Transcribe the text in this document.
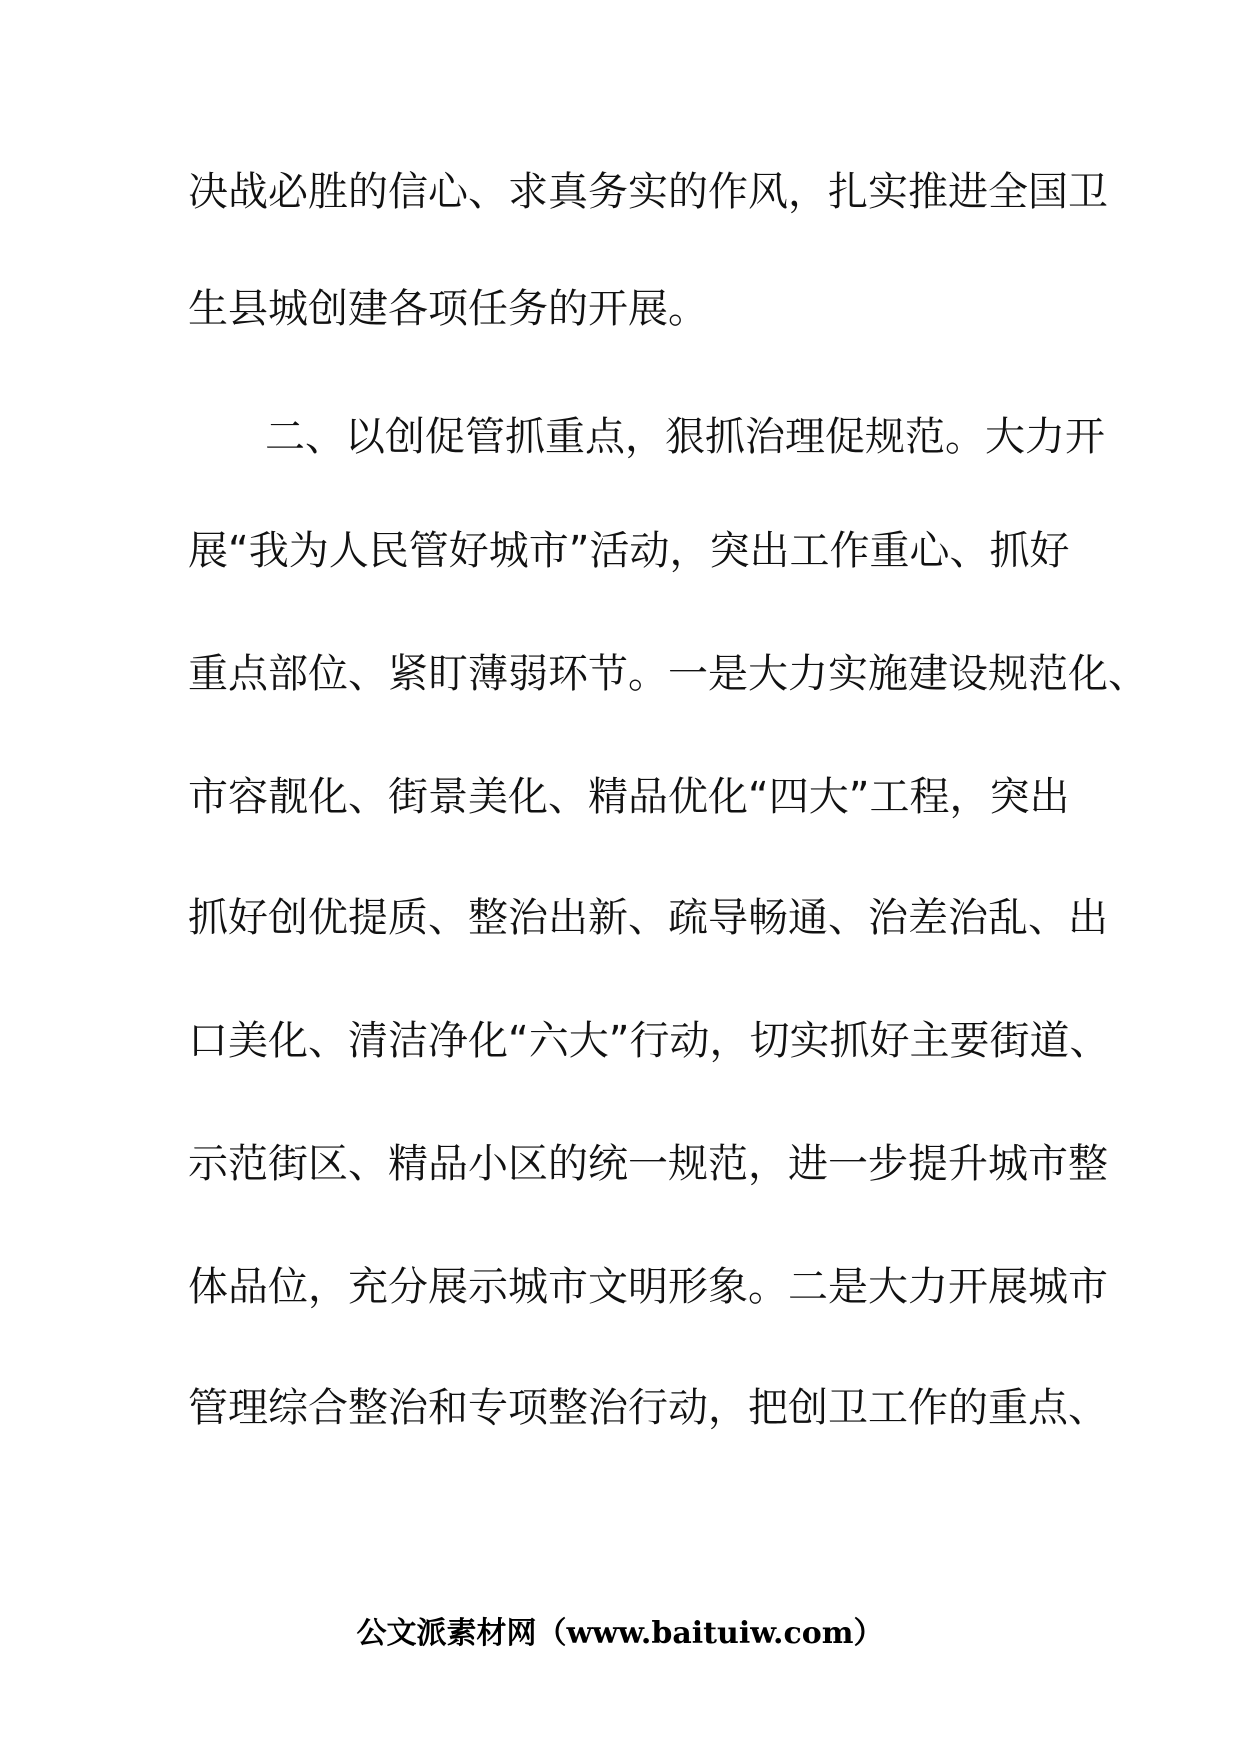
决战必胜的信心、求真务实的作风，扎实推进全国卫
生县城创建各项任务的开展。
二、以创促管抓重点，狠抓治理促规范。大力开
展“我为人民管好城市”活动，突出工作重心、抓好
重点部位、紧盯薄弱环节。一是大力实施建设规范化、
市容靓化、街景美化、精品优化“四大”工程，突出
抓好创优提质、整治出新、疏导畅通、治差治乱、出
口美化、清洁净化“六大”行动，切实抓好主要街道、
示范街区、精品小区的统一规范，进一步提升城市整
体品位，充分展示城市文明形象。二是大力开展城市
管理综合整治和专项整治行动，把创卫工作的重点、
公文派素材网（www.baituiw.com）
